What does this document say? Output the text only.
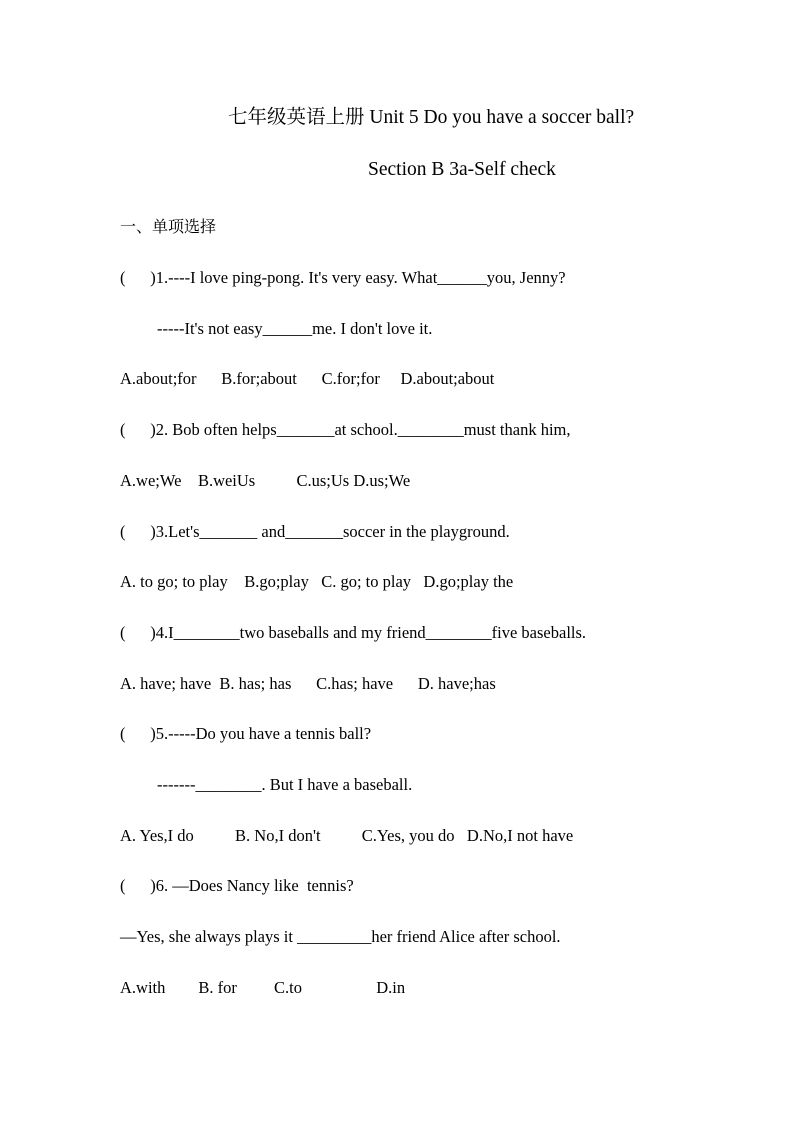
七年级英语上册 Unit 5 Do you have a soccer ball?
Section B 3a-Self check
一、单项选择
(      )1.----I love ping-pong. It's very easy. What______you, Jenny?
-----It's not easy______me. I don't love it.
A.about;for      B.for;about      C.for;for     D.about;about
(      )2. Bob often helps_______at school.________must thank him,
A.we;We    B.weiUs          C.us;Us D.us;We
(      )3.Let's_______ and_______soccer in the playground.
A. to go; to play    B.go;play   C. go; to play   D.go;play the
(      )4.I________two baseballs and my friend________five baseballs.
A. have; have  B. has; has      C.has; have      D. have;has
(      )5.-----Do you have a tennis ball?
-------________. But I have a baseball.
A. Yes,I do          B. No,I don't          C.Yes, you do   D.No,I not have
(      )6. —Does Nancy like  tennis?
—Yes, she always plays it _________her friend Alice after school.
A.with        B. for         C.to                  D.in
